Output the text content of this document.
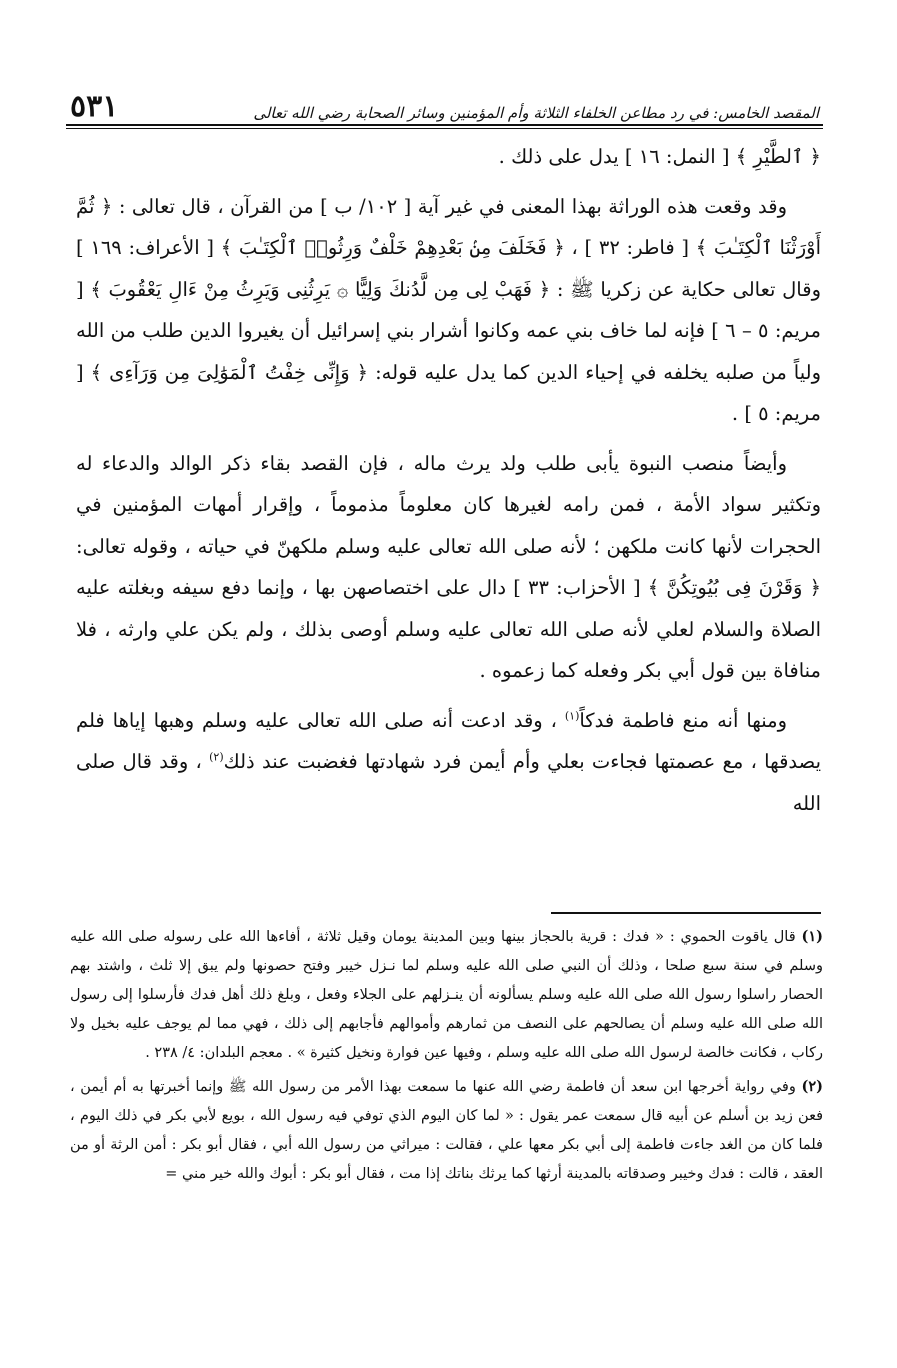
المقصد الخامس: في رد مطاعن الخلفاء الثلاثة وأم المؤمنين وسائر الصحابة رضي الله تعالى
٥٣١

﴿ ٱلطَّيْرِ ﴾ [ النمل: ١٦ ] يدل على ذلك .

وقد وقعت هذه الوراثة بهذا المعنى في غير آية [ ١٠٢/ ب ] من القرآن ، قال تعالى : ﴿ ثُمَّ أَوْرَثْنَا ٱلْكِتَـٰبَ ﴾ [ فاطر: ٣٢ ] ، ﴿ فَخَلَفَ مِنۢ بَعْدِهِمْ خَلْفٌ وَرِثُوا۟ ٱلْكِتَـٰبَ ﴾ [ الأعراف: ١٦٩ ] وقال تعالى حكاية عن زكريا ﷺ : ﴿ فَهَبْ لِى مِن لَّدُنكَ وَلِيًّا ۞ يَرِثُنِى وَيَرِثُ مِنْ ءَالِ يَعْقُوبَ ﴾ [ مريم: ٥ – ٦ ] فإنه لما خاف بني عمه وكانوا أشرار بني إسرائيل أن يغيروا الدين طلب من الله ولياً من صلبه يخلفه في إحياء الدين كما يدل عليه قوله: ﴿ وَإِنِّى خِفْتُ ٱلْمَوَٰلِىَ مِن وَرَآءِى ﴾ [ مريم: ٥ ] .

وأيضاً منصب النبوة يأبى طلب ولد يرث ماله ، فإن القصد بقاء ذكر الوالد والدعاء له وتكثير سواد الأمة ، فمن رامه لغيرها كان معلوماً مذموماً ، وإقرار أمهات المؤمنين في الحجرات لأنها كانت ملكهن ؛ لأنه صلى الله تعالى عليه وسلم ملكهنّ في حياته ، وقوله تعالى: ﴿ وَقَرْنَ فِى بُيُوتِكُنَّ ﴾ [ الأحزاب: ٣٣ ] دال على اختصاصهن بها ، وإنما دفع سيفه وبغلته عليه الصلاة والسلام لعلي لأنه صلى الله تعالى عليه وسلم أوصى بذلك ، ولم يكن علي وارثه ، فلا منافاة بين قول أبي بكر وفعله كما زعموه .

ومنها أنه منع فاطمة فدكاً$^{(١)}$ ، وقد ادعت أنه صلى الله تعالى عليه وسلم وهبها إياها فلم يصدقها ، مع عصمتها فجاءت بعلي وأم أيمن فرد شهادتها فغضبت عند ذلك$^{(٢)}$ ، وقد قال صلى الله

(١) قال ياقوت الحموي : « فدك : قرية بالحجاز بينها وبين المدينة يومان وقيل ثلاثة ، أفاءها الله على رسوله صلى الله عليه وسلم في سنة سبع صلحا ، وذلك أن النبي صلى الله عليه وسلم لما نـزل خيبر وفتح حصونها ولم يبق إلا ثلث ، واشتد بهم الحصار راسلوا رسول الله صلى الله عليه وسلم يسألونه أن ينـزلهم على الجلاء وفعل ، وبلغ ذلك أهل فدك فأرسلوا إلى رسول الله صلى الله عليه وسلم أن يصالحهم على النصف من ثمارهم وأموالهم فأجابهم إلى ذلك ، فهي مما لم يوجف عليه بخيل ولا ركاب ، فكانت خالصة لرسول الله صلى الله عليه وسلم ، وفيها عين فوارة ونخيل كثيرة » . معجم البلدان: ٤/ ٢٣٨ .

(٢) وفي رواية أخرجها ابن سعد أن فاطمة رضي الله عنها ما سمعت بهذا الأمر من رسول الله ﷺ وإنما أخبرتها به أم أيمن ، فعن زيد بن أسلم عن أبيه قال سمعت عمر يقول : « لما كان اليوم الذي توفي فيه رسول الله ، بويع لأبي بكر في ذلك اليوم ، فلما كان من الغد جاءت فاطمة إلى أبي بكر معها علي ، فقالت : ميراثي من رسول الله أبي ، فقال أبو بكر : أمن الرثة أو من العقد ، قالت : فدك وخيبر وصدقاته بالمدينة أرثها كما يرثك بناتك إذا مت ، فقال أبو بكر : أبوك والله خير مني =
